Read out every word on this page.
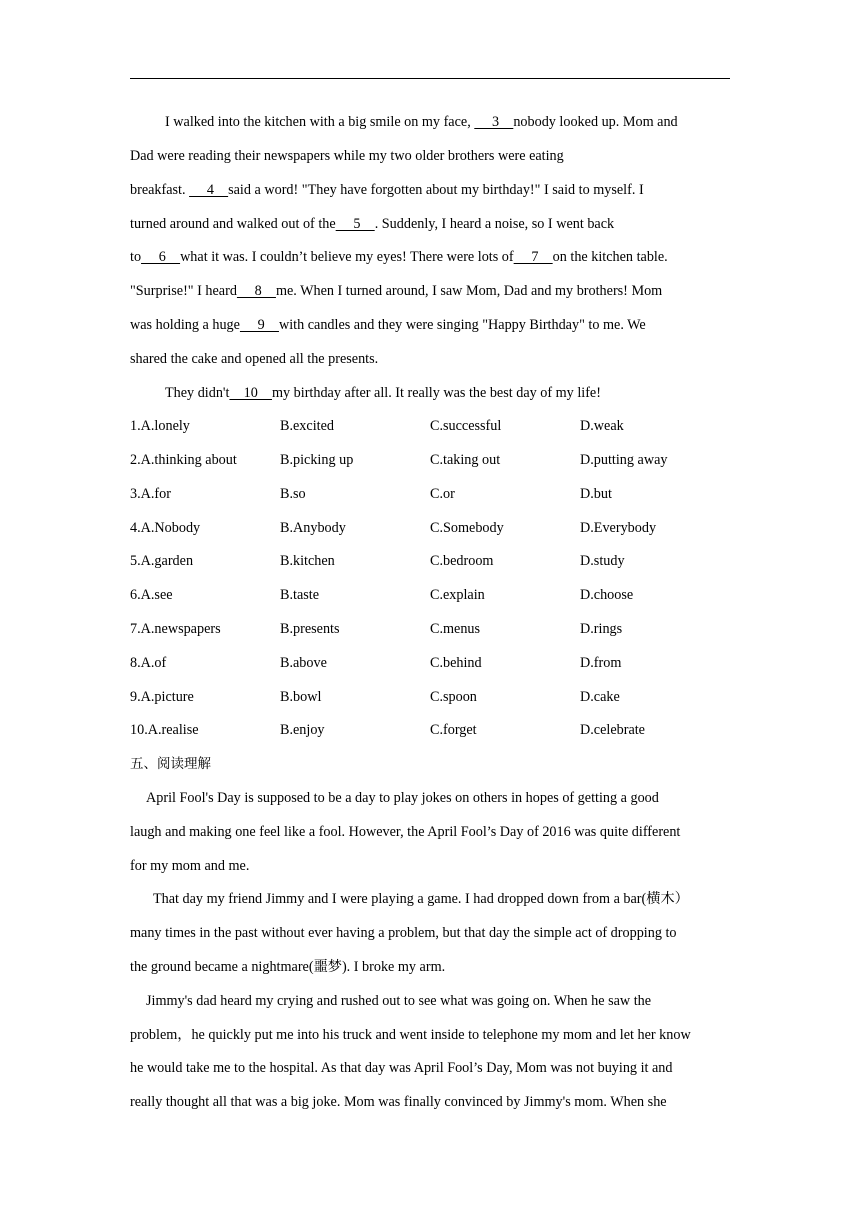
I walked into the kitchen with a big smile on my face,      3    nobody looked up. Mom and
Dad were reading their newspapers while my two older brothers were eating
breakfast.      4    said a word! "They have forgotten about my birthday!" I said to myself. I
turned around and walked out of the     5    . Suddenly, I heard a noise, so I went back
to     6    what it was. I couldn’t believe my eyes! There were lots of     7    on the kitchen table.
"Surprise!" I heard     8    me. When I turned around, I saw Mom, Dad and my brothers! Mom
was holding a huge     9    with candles and they were singing "Happy Birthday" to me. We
shared the cake and opened all the presents.
They didn't    10    my birthday after all. It really was the best day of my life!
1.A.lonely	B.excited	C.successful	D.weak
2.A.thinking about	B.picking up	C.taking out	D.putting away
3.A.for	B.so	C.or	D.but
4.A.Nobody	B.Anybody	C.Somebody	D.Everybody
5.A.garden	B.kitchen	C.bedroom	D.study
6.A.see	B.taste	C.explain	D.choose
7.A.newspapers	B.presents	C.menus	D.rings
8.A.of	B.above	C.behind	D.from
9.A.picture	B.bowl	C.spoon	D.cake
10.A.realise	B.enjoy	C.forget	D.celebrate
五、阅读理解
April Fool's Day is supposed to be a day to play jokes on others in hopes of getting a good
laugh and making one feel like a fool. However, the April Fool’s Day of 2016 was quite different
for my mom and me.
That day my friend Jimmy and I were playing a game. I had dropped down from a bar(横木）
many times in the past without ever having a problem, but that day the simple act of dropping to
the ground became a nightmare(噩梦). I broke my arm.
Jimmy's dad heard my crying and rushed out to see what was going on. When he saw the
problem，he quickly put me into his truck and went inside to telephone my mom and let her know
he would take me to the hospital. As that day was April Fool’s Day, Mom was not buying it and
really thought all that was a big joke. Mom was finally convinced by Jimmy's mom. When she
